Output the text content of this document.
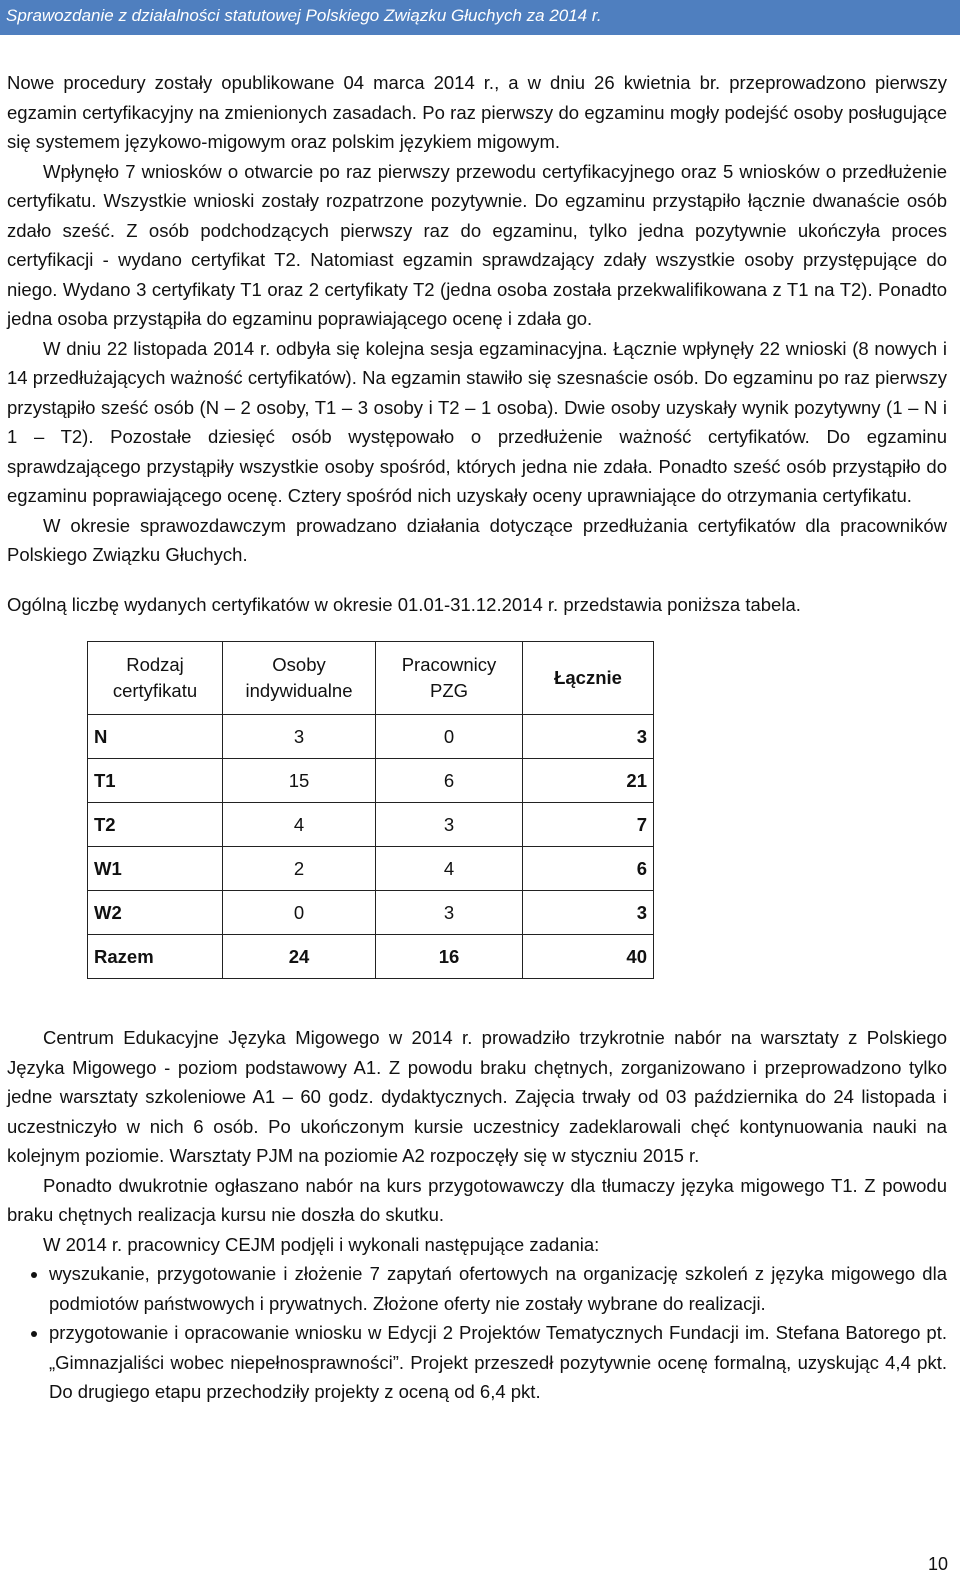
Sprawozdanie z działalności statutowej Polskiego Związku Głuchych za 2014 r.

Nowe procedury zostały opublikowane 04 marca 2014 r., a w dniu 26 kwietnia br. przeprowadzono pierwszy egzamin certyfikacyjny na zmienionych zasadach. Po raz pierwszy do egzaminu mogły podejść osoby posługujące się systemem językowo-migowym oraz polskim językiem migowym.

Wpłynęło 7 wniosków o otwarcie po raz pierwszy przewodu certyfikacyjnego oraz 5 wniosków o przedłużenie certyfikatu. Wszystkie wnioski zostały rozpatrzone pozytywnie. Do egzaminu przystąpiło łącznie dwanaście osób zdało sześć. Z osób podchodzących pierwszy raz do egzaminu, tylko jedna pozytywnie ukończyła proces certyfikacji - wydano certyfikat T2. Natomiast egzamin sprawdzający zdały wszystkie osoby przystępujące do niego. Wydano 3 certyfikaty T1 oraz 2 certyfikaty T2 (jedna osoba została przekwalifikowana z T1 na T2). Ponadto jedna osoba przystąpiła do egzaminu poprawiającego ocenę i zdała go.

W dniu 22 listopada 2014 r. odbyła się kolejna sesja egzaminacyjna. Łącznie wpłynęły 22 wnioski (8 nowych i 14 przedłużających ważność certyfikatów). Na egzamin stawiło się szesnaście osób. Do egzaminu po raz pierwszy przystąpiło sześć osób (N – 2 osoby, T1 – 3 osoby i T2 – 1 osoba). Dwie osoby uzyskały wynik pozytywny (1 – N i 1 – T2). Pozostałe dziesięć osób występowało o przedłużenie ważność certyfikatów. Do egzaminu sprawdzającego przystąpiły wszystkie osoby spośród, których jedna nie zdała. Ponadto sześć osób przystąpiło do egzaminu poprawiającego ocenę. Cztery spośród nich uzyskały oceny uprawniające do otrzymania certyfikatu.

W okresie sprawozdawczym prowadzano działania dotyczące przedłużania certyfikatów dla pracowników Polskiego Związku Głuchych.

Ogólną liczbę wydanych certyfikatów w okresie 01.01-31.12.2014 r. przedstawia poniższa tabela.

Rodzaj certyfikatu	Osoby indywidualne	Pracownicy PZG	Łącznie
N	3	0	3
T1	15	6	21
T2	4	3	7
W1	2	4	6
W2	0	3	3
Razem	24	16	40

Centrum Edukacyjne Języka Migowego w 2014 r. prowadziło trzykrotnie nabór na warsztaty z Polskiego Języka Migowego - poziom podstawowy A1. Z powodu braku chętnych, zorganizowano i przeprowadzono tylko jedne warsztaty szkoleniowe A1 – 60 godz. dydaktycznych. Zajęcia trwały od 03 października do 24 listopada i uczestniczyło w nich 6 osób. Po ukończonym kursie uczestnicy zadeklarowali chęć kontynuowania nauki na kolejnym poziomie. Warsztaty PJM na poziomie A2 rozpoczęły się w styczniu 2015 r.

Ponadto dwukrotnie ogłaszano nabór na kurs przygotowawczy dla tłumaczy języka migowego T1. Z powodu braku chętnych realizacja kursu nie doszła do skutku.

W 2014 r. pracownicy CEJM podjęli i wykonali następujące zadania:

• wyszukanie, przygotowanie i złożenie 7 zapytań ofertowych na organizację szkoleń z języka migowego dla podmiotów państwowych i prywatnych. Złożone oferty nie zostały wybrane do realizacji.
• przygotowanie i opracowanie wniosku w Edycji 2 Projektów Tematycznych Fundacji im. Stefana Batorego pt. „Gimnazjaliści wobec niepełnosprawności”. Projekt przeszedł pozytywnie ocenę formalną, uzyskując 4,4 pkt. Do drugiego etapu przechodziły projekty z oceną od 6,4 pkt.
10
